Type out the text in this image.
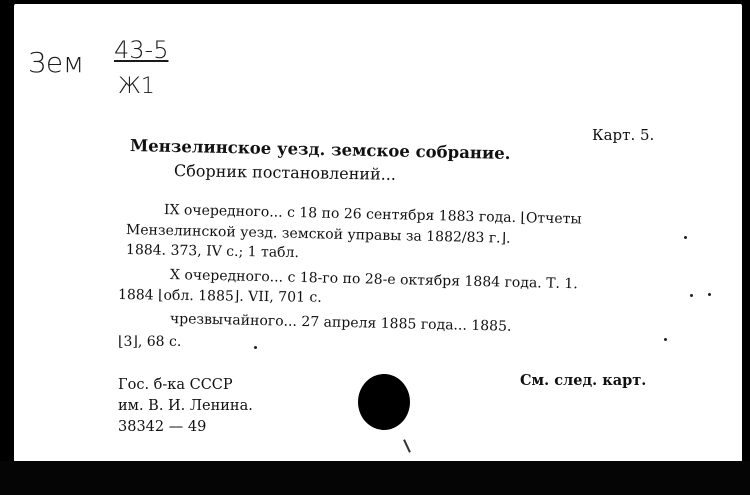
Зем 43-5
Ж1
Карт. 5.
Мензелинское уезд. земское собрание.
Сборник постановлений...
IX очередного... с 18 по 26 сентября 1883 года. ⌊Отчеты
Мензелинской уезд. земской управы за 1882/83 г.⌋.
1884. 373, IV с.; 1 табл.
X очередного... с 18-го по 28-е октября 1884 года. Т. 1.
1884 ⌊обл. 1885⌋. VII, 701 с.
чрезвычайного... 27 апреля 1885 года... 1885.
⌊3⌋, 68 с.
Гос. б-ка СССР
им. В. И. Ленина.
38342 — 49
См. след. карт.
